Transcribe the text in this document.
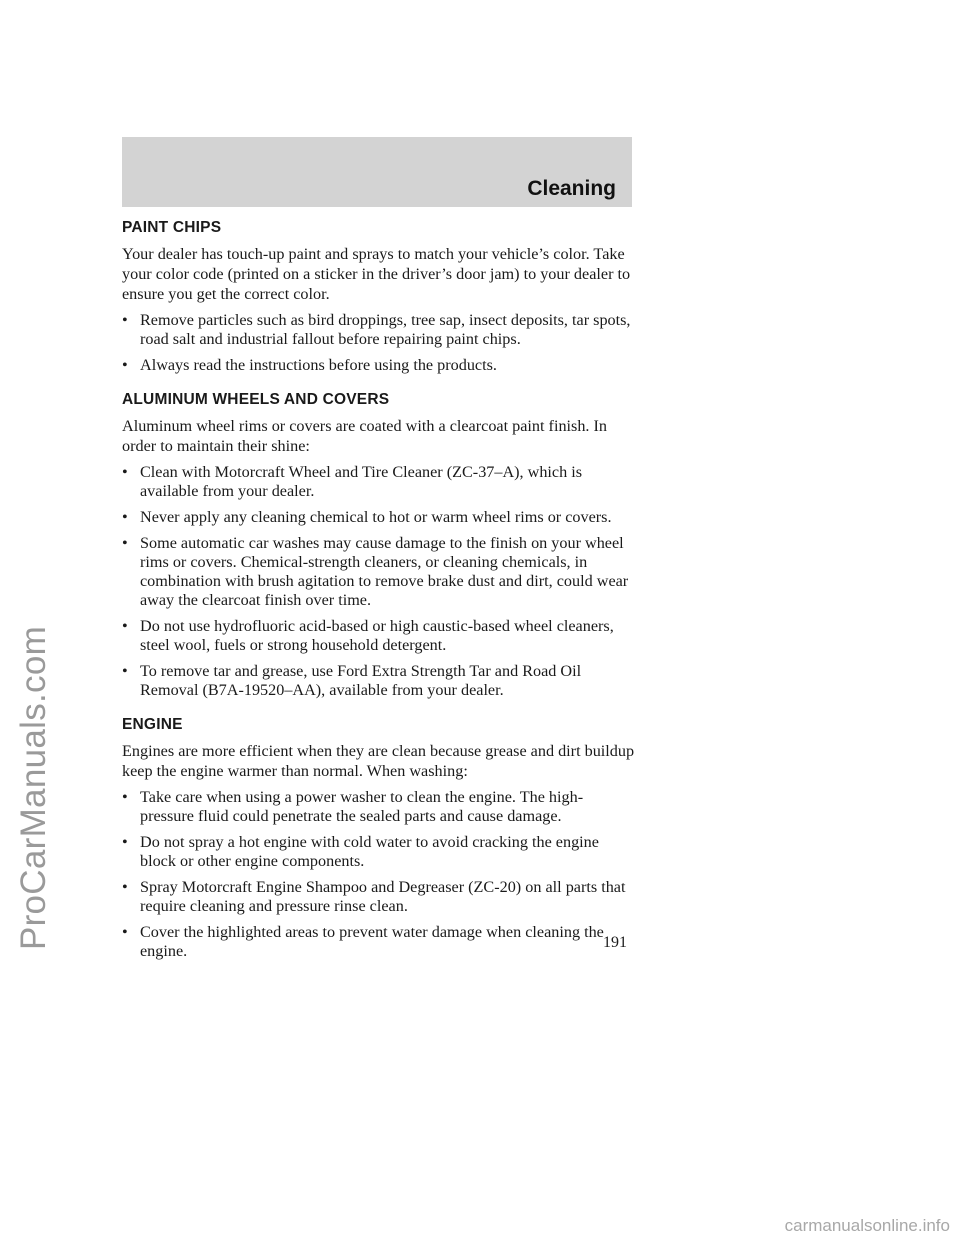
ProCarManuals.com
Cleaning
PAINT CHIPS

Your dealer has touch-up paint and sprays to match your vehicle’s color. Take your color code (printed on a sticker in the driver’s door jam) to your dealer to ensure you get the correct color.

• Remove particles such as bird droppings, tree sap, insect deposits, tar spots, road salt and industrial fallout before repairing paint chips.
• Always read the instructions before using the products.
ALUMINUM WHEELS AND COVERS

Aluminum wheel rims or covers are coated with a clearcoat paint finish. In order to maintain their shine:

• Clean with Motorcraft Wheel and Tire Cleaner (ZC-37–A), which is available from your dealer.
• Never apply any cleaning chemical to hot or warm wheel rims or covers.
• Some automatic car washes may cause damage to the finish on your wheel rims or covers. Chemical-strength cleaners, or cleaning chemicals, in combination with brush agitation to remove brake dust and dirt, could wear away the clearcoat finish over time.
• Do not use hydrofluoric acid-based or high caustic-based wheel cleaners, steel wool, fuels or strong household detergent.
• To remove tar and grease, use Ford Extra Strength Tar and Road Oil Removal (B7A-19520–AA), available from your dealer.
ENGINE

Engines are more efficient when they are clean because grease and dirt buildup keep the engine warmer than normal. When washing:

• Take care when using a power washer to clean the engine. The high-pressure fluid could penetrate the sealed parts and cause damage.
• Do not spray a hot engine with cold water to avoid cracking the engine block or other engine components.
• Spray Motorcraft Engine Shampoo and Degreaser (ZC-20) on all parts that require cleaning and pressure rinse clean.
• Cover the highlighted areas to prevent water damage when cleaning the engine.	191
carmanualsonline.info
